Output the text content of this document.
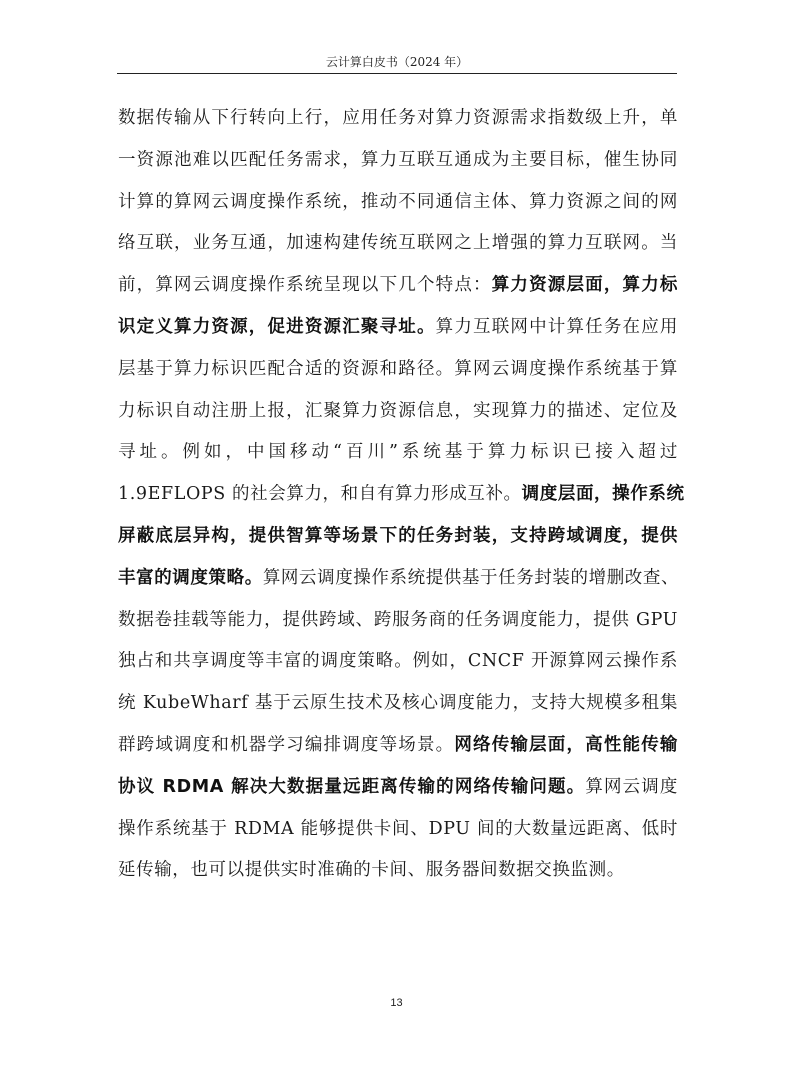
云计算白皮书（2024 年）
数据传输从下行转向上行，应用任务对算力资源需求指数级上升，单
一资源池难以匹配任务需求，算力互联互通成为主要目标，催生协同
计算的算网云调度操作系统，推动不同通信主体、算力资源之间的网
络互联，业务互通，加速构建传统互联网之上增强的算力互联网。当
前，算网云调度操作系统呈现以下几个特点：算力资源层面，算力标
识定义算力资源，促进资源汇聚寻址。算力互联网中计算任务在应用
层基于算力标识匹配合适的资源和路径。算网云调度操作系统基于算
力标识自动注册上报，汇聚算力资源信息，实现算力的描述、定位及
寻址。例如，中国移动“百川”系统基于算力标识已接入超过
1.9EFLOPS 的社会算力，和自有算力形成互补。调度层面，操作系统
屏蔽底层异构，提供智算等场景下的任务封装，支持跨域调度，提供
丰富的调度策略。算网云调度操作系统提供基于任务封装的增删改查、
数据卷挂载等能力，提供跨域、跨服务商的任务调度能力，提供 GPU
独占和共享调度等丰富的调度策略。例如，CNCF 开源算网云操作系
统 KubeWharf 基于云原生技术及核心调度能力，支持大规模多租集
群跨域调度和机器学习编排调度等场景。网络传输层面，高性能传输
协议 RDMA 解决大数据量远距离传输的网络传输问题。算网云调度
操作系统基于 RDMA 能够提供卡间、DPU 间的大数量远距离、低时
延传输，也可以提供实时准确的卡间、服务器间数据交换监测。
13
